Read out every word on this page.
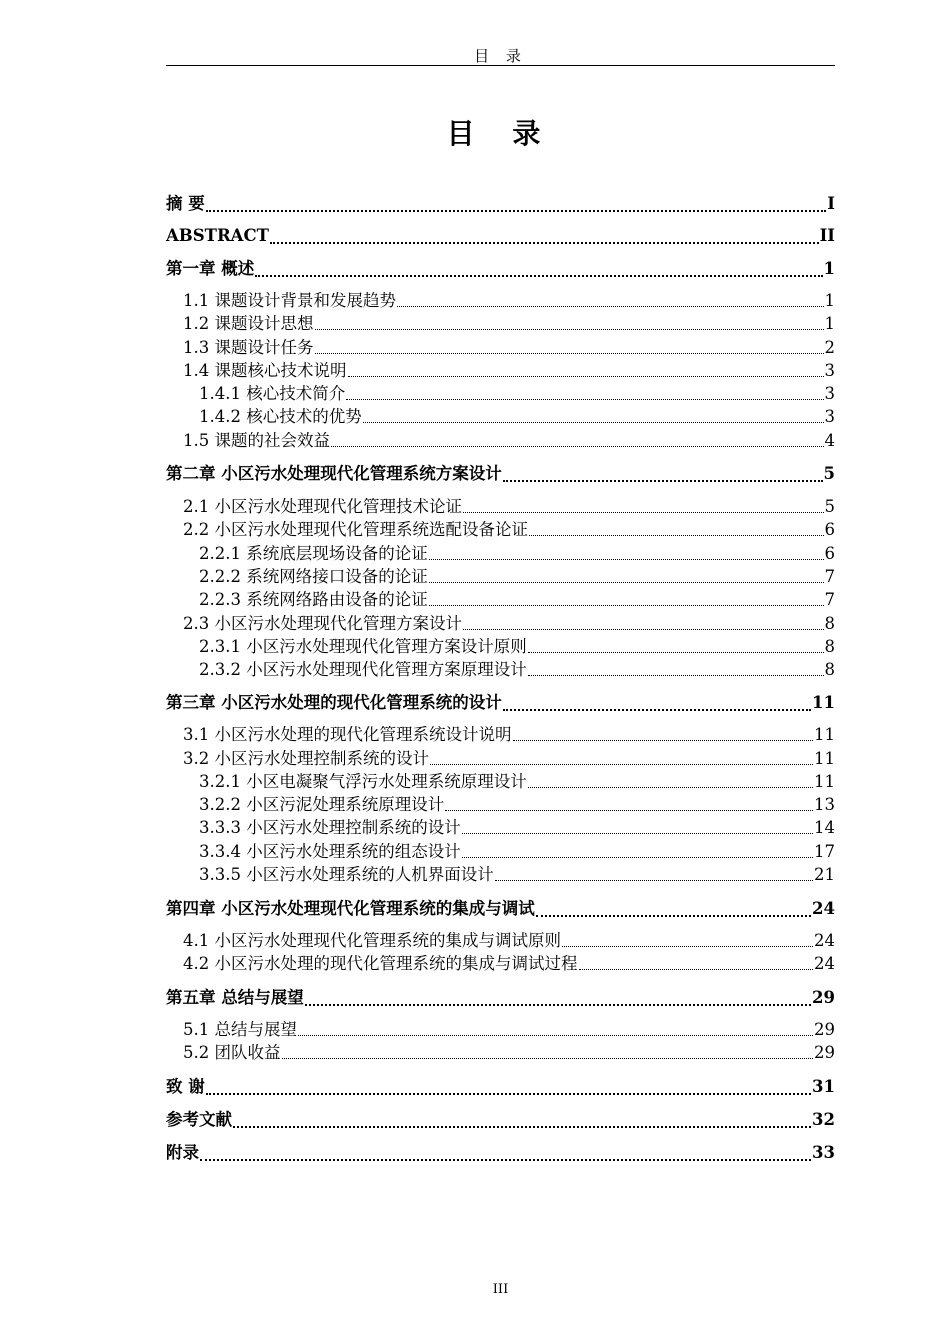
目 录
目 录
摘 要	I
ABSTRACT	II
第一章 概述	1
1.1 课题设计背景和发展趋势	1
1.2 课题设计思想	1
1.3 课题设计任务	2
1.4 课题核心技术说明	3
1.4.1 核心技术简介	3
1.4.2 核心技术的优势	3
1.5 课题的社会效益	4
第二章 小区污水处理现代化管理系统方案设计	5
2.1 小区污水处理现代化管理技术论证	5
2.2 小区污水处理现代化管理系统选配设备论证	6
2.2.1 系统底层现场设备的论证	6
2.2.2 系统网络接口设备的论证	7
2.2.3 系统网络路由设备的论证	7
2.3 小区污水处理现代化管理方案设计	8
2.3.1 小区污水处理现代化管理方案设计原则	8
2.3.2 小区污水处理现代化管理方案原理设计	8
第三章 小区污水处理的现代化管理系统的设计	11
3.1 小区污水处理的现代化管理系统设计说明	11
3.2 小区污水处理控制系统的设计	11
3.2.1 小区电凝聚气浮污水处理系统原理设计	11
3.2.2 小区污泥处理系统原理设计	13
3.3.3 小区污水处理控制系统的设计	14
3.3.4 小区污水处理系统的组态设计	17
3.3.5 小区污水处理系统的人机界面设计	21
第四章 小区污水处理现代化管理系统的集成与调试	24
4.1 小区污水处理现代化管理系统的集成与调试原则	24
4.2 小区污水处理的现代化管理系统的集成与调试过程	24
第五章 总结与展望	29
5.1 总结与展望	29
5.2 团队收益	29
致 谢	31
参考文献	32
附录	33
III
